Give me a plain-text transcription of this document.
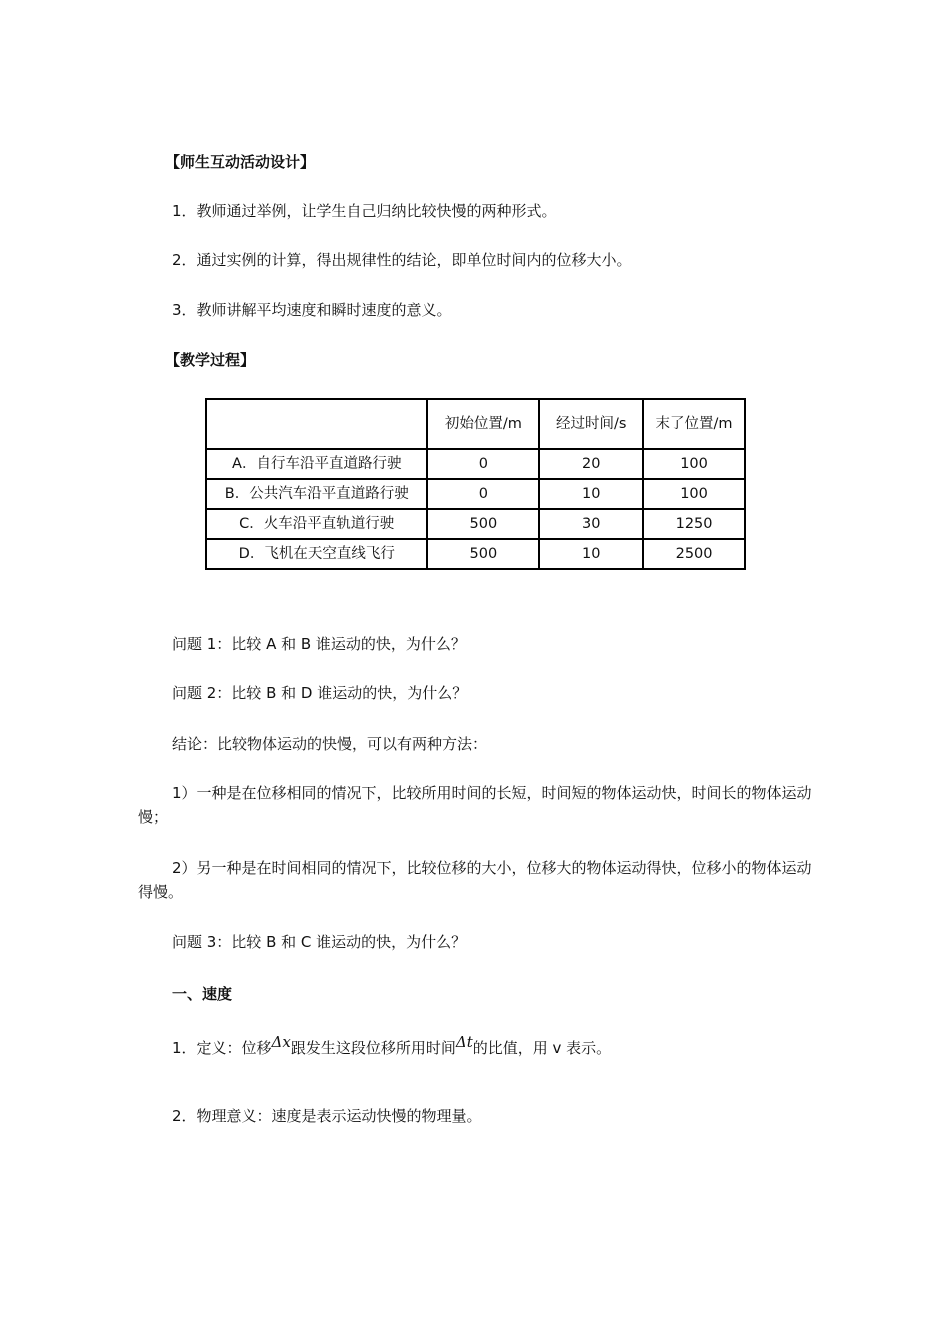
【师生互动活动设计】
1．教师通过举例，让学生自己归纳比较快慢的两种形式。
2．通过实例的计算，得出规律性的结论，即单位时间内的位移大小。
3．教师讲解平均速度和瞬时速度的意义。
【教学过程】
	初始位置/m	经过时间/s	末了位置/m
A．自行车沿平直道路行驶	0	20	100
B．公共汽车沿平直道路行驶	0	10	100
C．火车沿平直轨道行驶	500	30	1250
D．飞机在天空直线飞行	500	10	2500
问题 1：比较 A 和 B 谁运动的快，为什么？
问题 2：比较 B 和 D 谁运动的快，为什么？
结论：比较物体运动的快慢，可以有两种方法：
1）一种是在位移相同的情况下，比较所用时间的长短，时间短的物体运动快，时间长的物体运动慢；
2）另一种是在时间相同的情况下，比较位移的大小，位移大的物体运动得快，位移小的物体运动得慢。
问题 3：比较 B 和 C 谁运动的快，为什么？
一、速度
1．定义：位移Δx跟发生这段位移所用时间Δt的比值，用 v 表示。
2．物理意义：速度是表示运动快慢的物理量。
